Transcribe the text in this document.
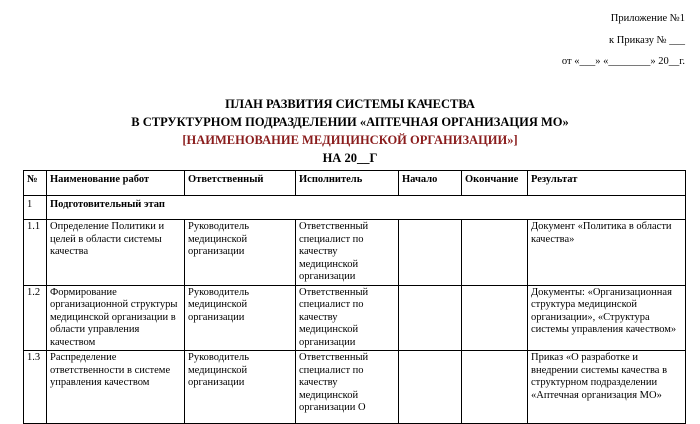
Приложение №1
к Приказу № ___
от «___» «________» 20__г.
ПЛАН РАЗВИТИЯ СИСТЕМЫ КАЧЕСТВА
В СТРУКТУРНОМ ПОДРАЗДЕЛЕНИИ «АПТЕЧНАЯ ОРГАНИЗАЦИЯ МО»
[НАИМЕНОВАНИЕ МЕДИЦИНСКОЙ ОРГАНИЗАЦИИ»]
НА 20__Г
№	Наименование работ	Ответственный	Исполнитель	Начало	Окончание	Результат
1	Подготовительный этап					
1.1	Определение Политики и целей в области системы качества	Руководитель медицинской организации	Ответственный специалист по качеству медицинской организации			Документ «Политика в области качества»
1.2	Формирование организационной структуры медицинской организации в области управления качеством	Руководитель медицинской организации	Ответственный специалист по качеству медицинской организации			Документы: «Организационная структура медицинской организации», «Структура системы управления качеством»
1.3	Распределение ответственности в системе управления качеством	Руководитель медицинской организации	Ответственный специалист по качеству медицинской организации О			Приказ «О разработке и внедрении системы качества в структурном подразделении «Аптечная организация МО»
